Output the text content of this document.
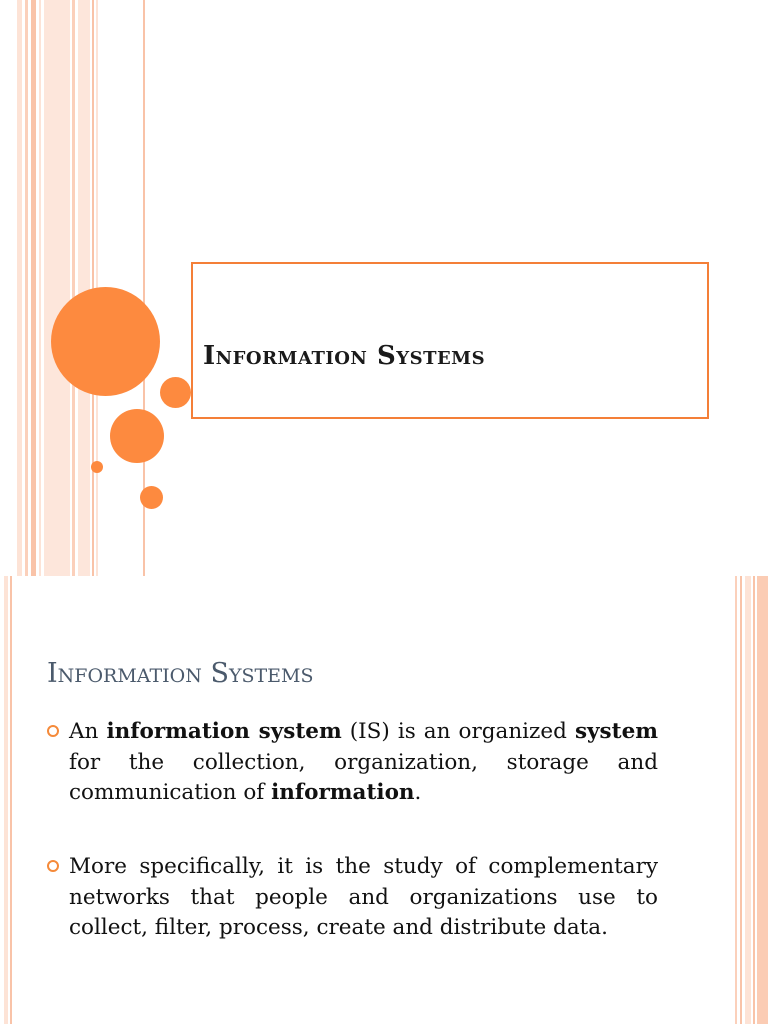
Information Systems
Information Systems
An information system (IS) is an organized system for the collection, organization, storage and communication of information.
More specifically, it is the study of complementary networks that people and organizations use to collect, filter, process, create and distribute data.
